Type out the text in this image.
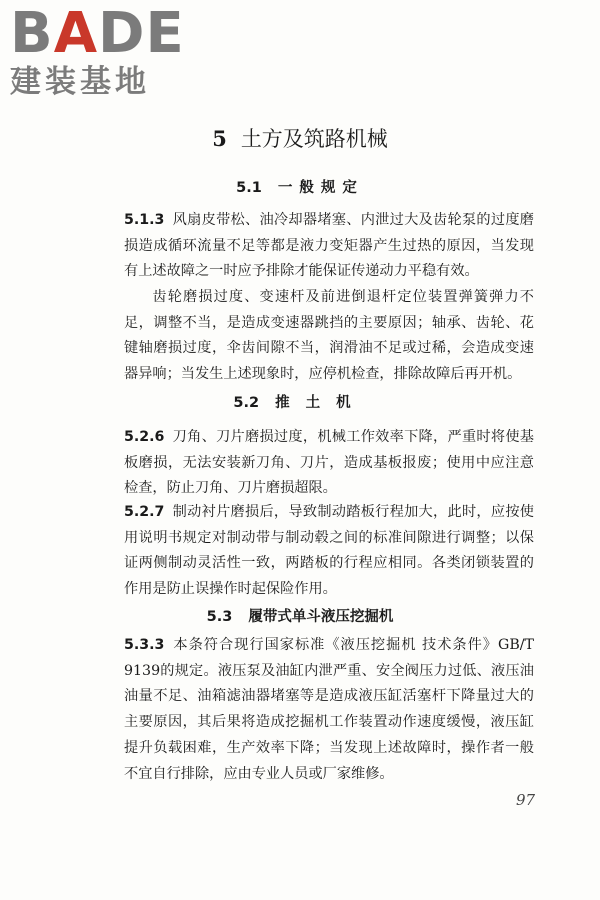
BADE
建装基地
5 土方及筑路机械
5.1 一般规定
5.1.3 风扇皮带松、油冷却器堵塞、内泄过大及齿轮泵的过度磨损造成循环流量不足等都是液力变矩器产生过热的原因，当发现有上述故障之一时应予排除才能保证传递动力平稳有效。
齿轮磨损过度、变速杆及前进倒退杆定位装置弹簧弹力不足，调整不当，是造成变速器跳挡的主要原因；轴承、齿轮、花键轴磨损过度，伞齿间隙不当，润滑油不足或过稀，会造成变速器异响；当发生上述现象时，应停机检查，排除故障后再开机。
5.2 推土机
5.2.6 刀角、刀片磨损过度，机械工作效率下降，严重时将使基板磨损，无法安装新刀角、刀片，造成基板报废；使用中应注意检查，防止刀角、刀片磨损超限。
5.2.7 制动衬片磨损后，导致制动踏板行程加大，此时，应按使用说明书规定对制动带与制动毂之间的标准间隙进行调整；以保证两侧制动灵活性一致，两踏板的行程应相同。各类闭锁装置的作用是防止误操作时起保险作用。
5.3 履带式单斗液压挖掘机
5.3.3 本条符合现行国家标准《液压挖掘机 技术条件》GB/T 9139的规定。液压泵及油缸内泄严重、安全阀压力过低、液压油油量不足、油箱滤油器堵塞等是造成液压缸活塞杆下降量过大的主要原因，其后果将造成挖掘机工作装置动作速度缓慢，液压缸提升负载困难，生产效率下降；当发现上述故障时，操作者一般不宜自行排除，应由专业人员或厂家维修。
97
